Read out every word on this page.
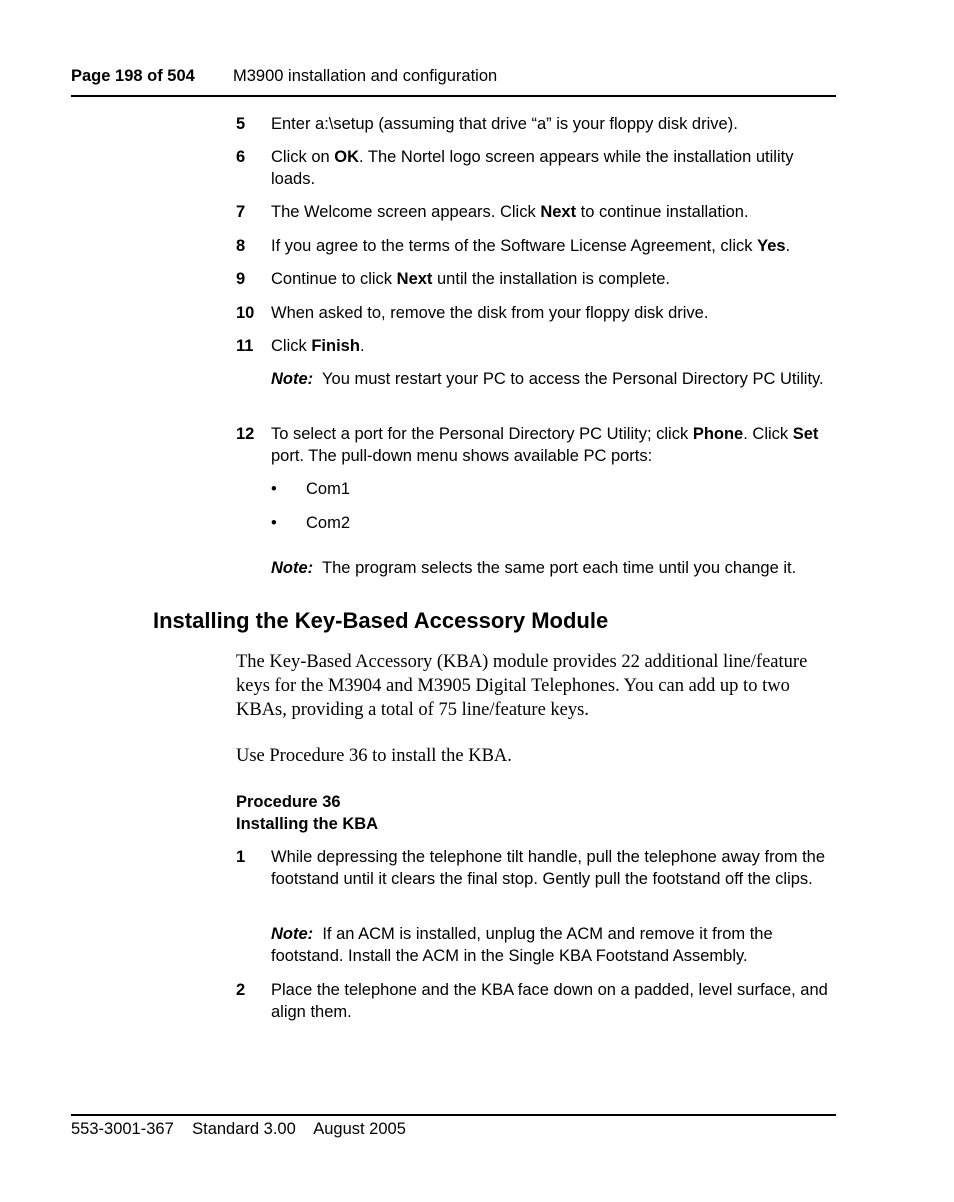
Page 198 of 504 M3900 installation and configuration
5 Enter a:\setup (assuming that drive “a” is your floppy disk drive).
6 Click on OK. The Nortel logo screen appears while the installation utility loads.
7 The Welcome screen appears. Click Next to continue installation.
8 If you agree to the terms of the Software License Agreement, click Yes.
9 Continue to click Next until the installation is complete.
10 When asked to, remove the disk from your floppy disk drive.
11 Click Finish.
Note: You must restart your PC to access the Personal Directory PC Utility.
12 To select a port for the Personal Directory PC Utility; click Phone. Click Set port. The pull-down menu shows available PC ports:
• Com1
• Com2
Note: The program selects the same port each time until you change it.
Installing the Key-Based Accessory Module
The Key-Based Accessory (KBA) module provides 22 additional line/feature keys for the M3904 and M3905 Digital Telephones. You can add up to two KBAs, providing a total of 75 line/feature keys.
Use Procedure 36 to install the KBA.
Procedure 36
Installing the KBA
1 While depressing the telephone tilt handle, pull the telephone away from the footstand until it clears the final stop. Gently pull the footstand off the clips.
Note: If an ACM is installed, unplug the ACM and remove it from the footstand. Install the ACM in the Single KBA Footstand Assembly.
2 Place the telephone and the KBA face down on a padded, level surface, and align them.
553-3001-367 Standard 3.00 August 2005
